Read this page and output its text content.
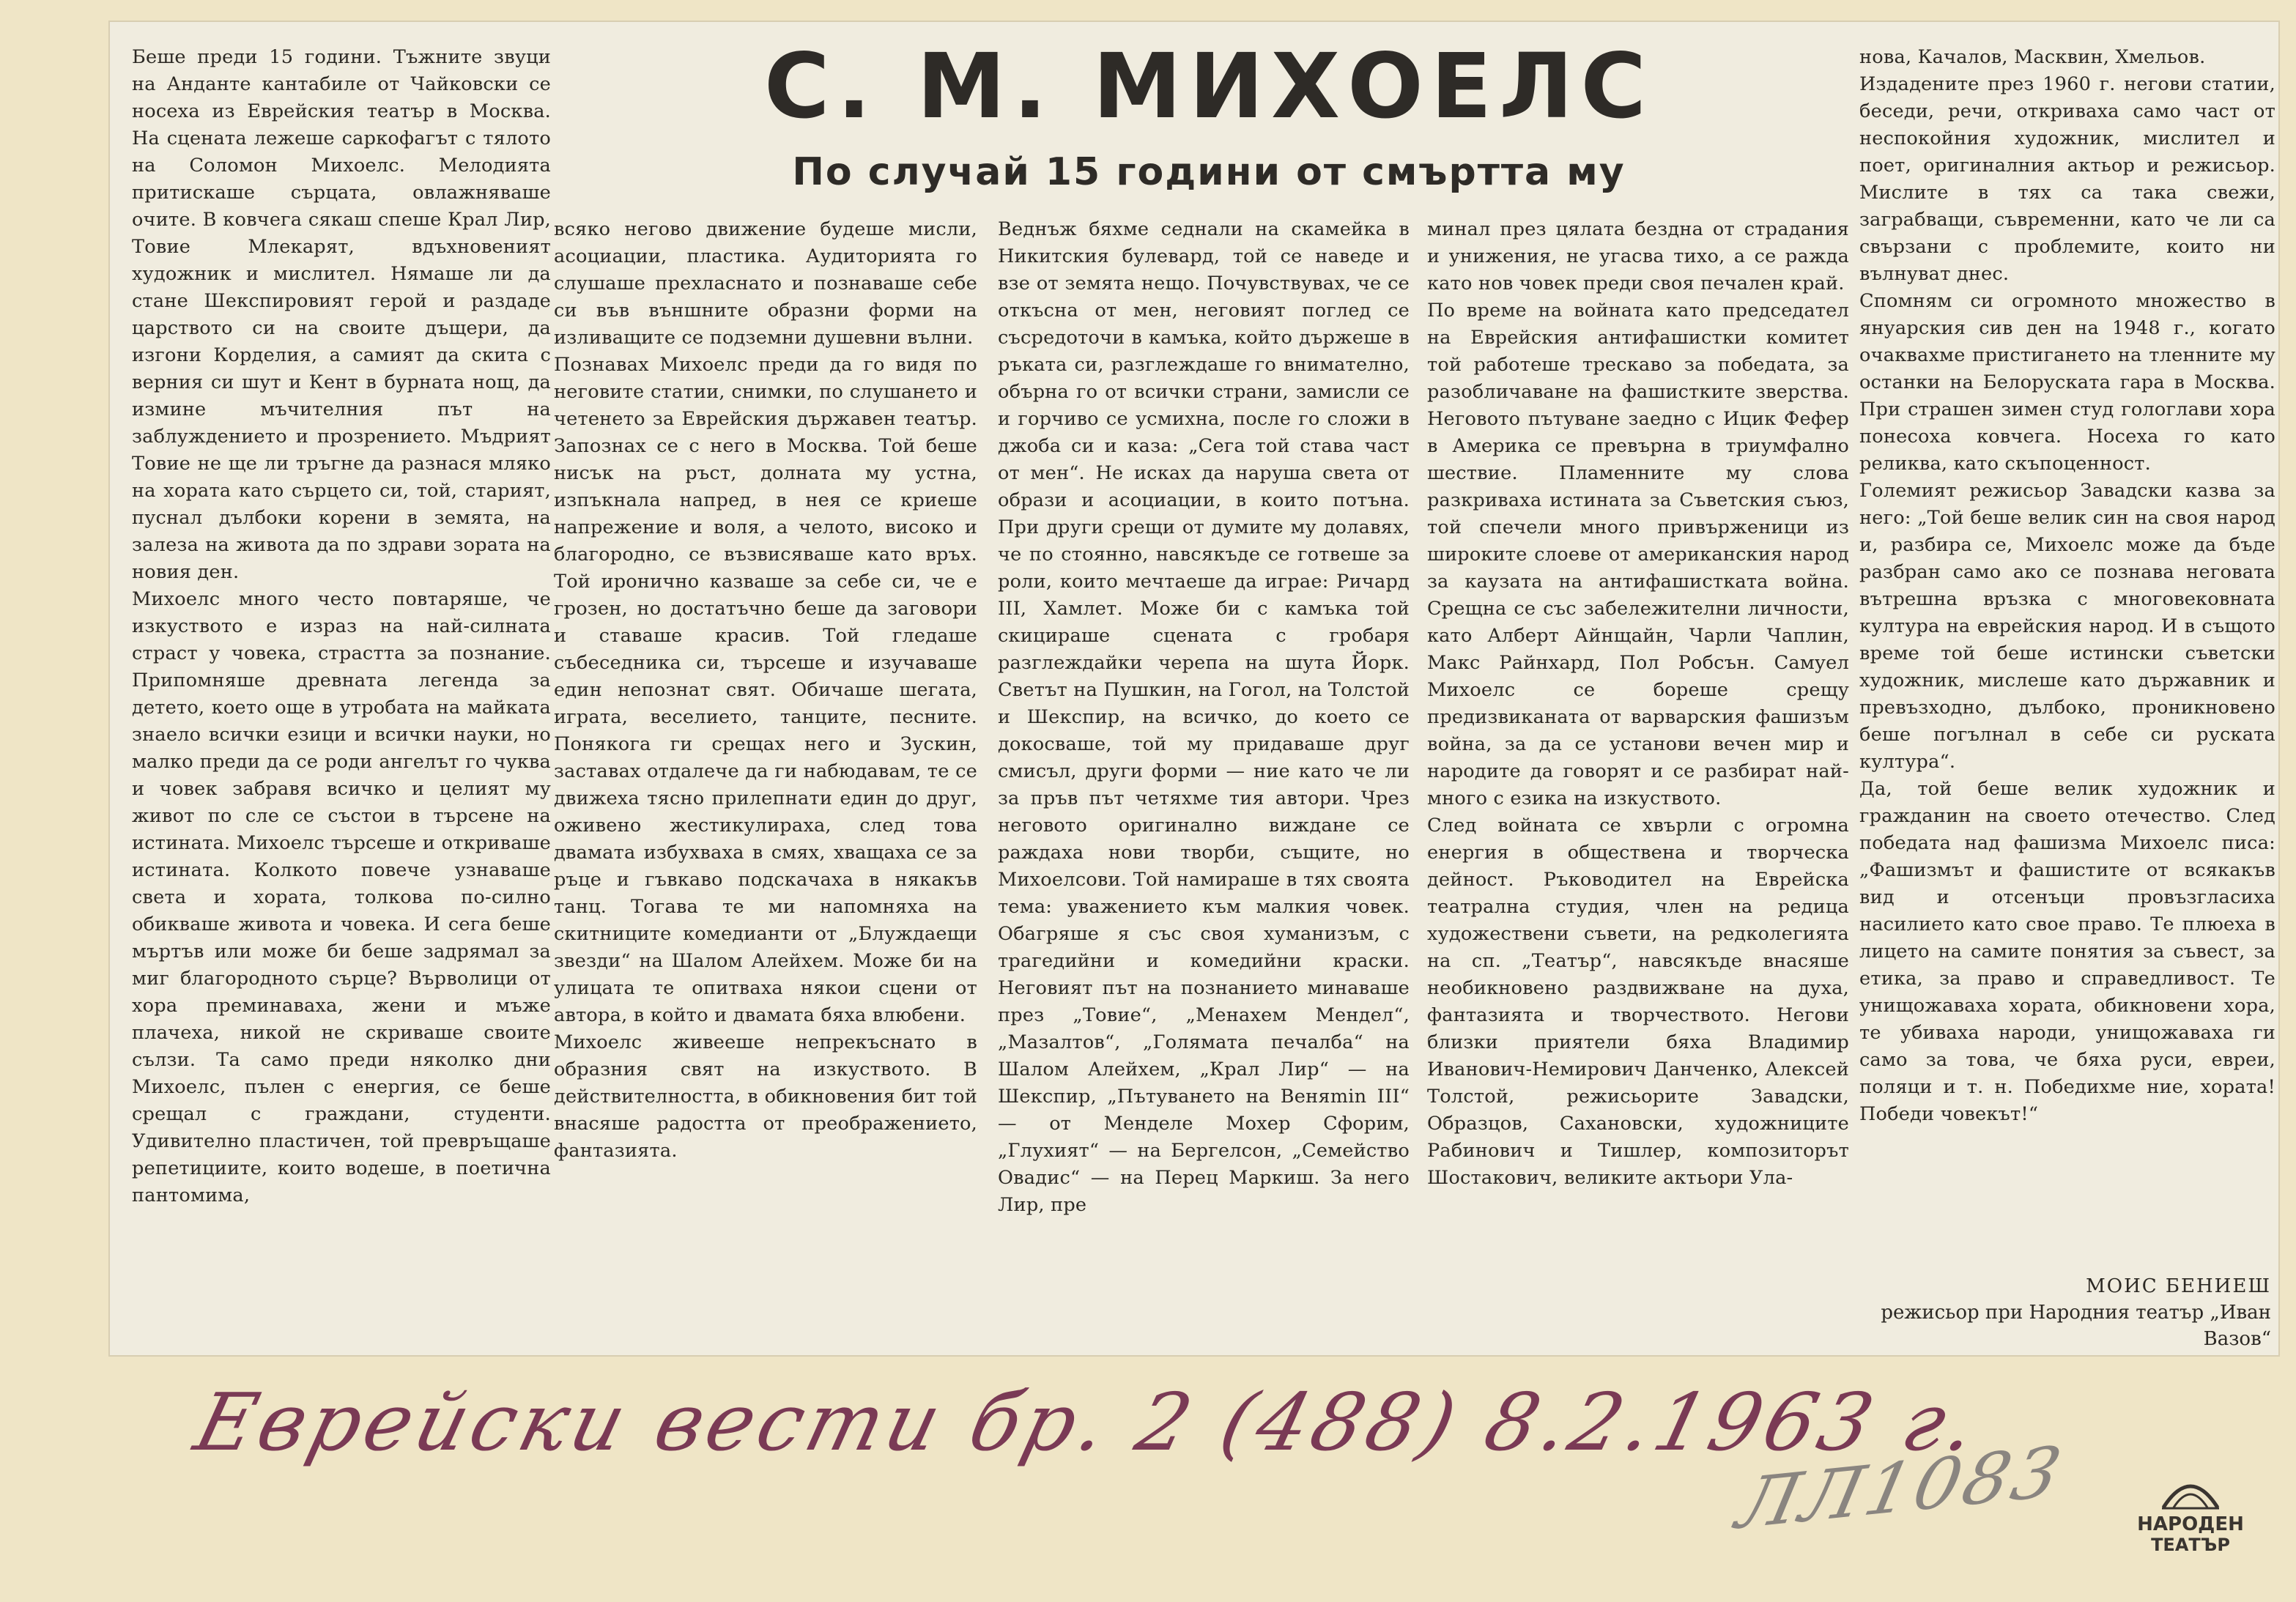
С. М. МИХОЕЛС
По случай 15 години от смъртта му
Беше преди 15 години. Тъжните звуци на Анданте кантабиле от Чайковски се носеха из Еврейския театър в Москва. На сцената лежеше саркофагът с тялото на Соломон Михоелс. Мелодията притискаше сърцата, овлажняваше очите. В ковчега сякаш спеше Крал Лир, Товие Млекарят, вдъхновеният художник и мислител. Нямаше ли да стане Шекспировият герой и раздаде царството си на своите дъщери, да изгони Корделия, а самият да скита с верния си шут и Кент в бурната нощ, да измине мъчителния път на заблуждението и прозрението. Мъдрият Товие не ще ли тръгне да разнася мляко на хората като сърцето си, той, старият, пуснал дълбоки корени в земята, на залеза на живота да по здрави зората на новия ден.
Михоелс много често повтаряше, че изкуството е израз на най-силната страст у човека, страстта за познание. Припомняше древната легенда за детето, което още в утробата на майката знаело всички езици и всички науки, но малко преди да се роди ангелът го чуква и човек забравя всичко и целият му живот по сле се състои в търсене на истината. Михоелс търсеше и откриваше истината. Колкото повече узнаваше света и хората, толкова по-силно обикваше живота и човека. И сега беше мъртъв или може би беше задрямал за миг благородното сърце? Върволици от хора преминаваха, жени и мъже плачеха, никой не скриваше своите сълзи. Та само преди няколко дни Михоелс, пълен с енергия, се беше срещал с граждани, студенти. Удивително пластичен, той превръщаше репетициите, които водеше, в поетична пантомима,
всяко негово движение будеше мисли, асоциации, пластика. Аудиторията го слушаше прехласнато и познаваше себе си във външните образни форми на изливащите се подземни душевни вълни.
Познавах Михоелс преди да го видя по неговите статии, снимки, по слушането и четенето за Еврейския държавен театър. Запознах се с него в Москва. Той беше нисък на ръст, долната му устна, изпъкнала напред, в нея се криеше напрежение и воля, а челото, високо и благородно, се възвисяваше като връх. Той иронично казваше за себе си, че е грозен, но достатъчно беше да заговори и ставаше красив. Той гледаше събеседника си, търсеше и изучаваше един непознат свят. Обичаше шегата, играта, веселието, танците, песните. Понякога ги срещах него и Зускин, заставах отдалече да ги набюдавам, те се движеха тясно прилепнати един до друг, оживено жестикулираха, след това двамата избухваха в смях, хващаха се за ръце и гъвкаво подскачаха в някакъв танц. Тогава те ми напомняха на скитниците комедианти от „Блуждаещи звезди“ на Шалом Алейхем. Може би на улицата те опитваха някои сцени от автора, в който и двамата бяха влюбени.
Михоелс живееше непрекъснато в образния свят на изкуството. В действителността, в обикновения бит той внасяше радостта от преображението, фантазията.
Веднъж бяхме седнали на скамейка в Никитския булевард, той се наведе и взе от земята нещо. Почувствувах, че се откъсна от мен, неговият поглед се съсредоточи в камъка, който държеше в ръката си, разглеждаше го внимателно, обърна го от всички страни, замисли се и горчиво се усмихна, после го сложи в джоба си и каза: „Сега той става част от мен“. Не исках да наруша света от образи и асоциации, в които потъна. При други срещи от думите му долавях, че по стоянно, навсякъде се готвеше за роли, които мечтаеше да играе: Ричард III, Хамлет. Може би с камъка той скицираше сцената с гробаря разглеждайки черепа на шута Йорк. Светът на Пушкин, на Гогол, на Толстой и Шекспир, на всичко, до което се докосваше, той му придаваше друг смисъл, други форми — ние като че ли за пръв път четяхме тия автори. Чрез неговото оригинално виждане се раждаха нови творби, същите, но Михоелсови. Той намираше в тях своята тема: уважението към малкия човек. Обагряше я със своя хуманизъм, с трагедийни и комедийни краски. Неговият път на познанието минаваше през „Товие“, „Менахем Мендел“, „Мазалтов“, „Голямата печалба“ на Шалом Алейхем, „Крал Лир“ — на Шекспир, „Пътуването на Веняmin III“ — от Менделе Мохер Сфорим, „Глухият“ — на Бергелсон, „Семейство Овадис“ — на Перец Маркиш. За него Лир, пре
минал през цялата бездна от страдания и унижения, не угасва тихо, а се ражда като нов човек преди своя печален край.
По време на войната като председател на Еврейския антифашистки комитет той работеше трескаво за победата, за разобличаване на фашистките зверства. Неговото пътуване заедно с Ицик Фефер в Америка се превърна в триумфално шествие. Пламенните му слова разкриваха истината за Съветския съюз, той спечели много привърженици из широките слоеве от американския народ за каузата на антифашистката война. Срещна се със забележителни личности, като Алберт Айнщайн, Чарли Чаплин, Макс Райнхард, Пол Робсън. Самуел Михоелс се бореше срещу предизвиканата от варварския фашизъм война, за да се установи вечен мир и народите да говорят и се разбират най-много с езика на изкуството.
След войната се хвърли с огромна енергия в обществена и творческа дейност. Ръководител на Еврейска театрална студия, член на редица художествени съвети, на редколегията на сп. „Театър“, навсякъде внасяше необикновено раздвижване на духа, фантазията и творчеството. Негови близки приятели бяха Владимир Иванович-Немирович Данченко, Алексей Толстой, режисьорите Завадски, Образцов, Сахановски, художниците Рабинович и Тишлер, композиторът Шостакович, великите актьори Ула-
нова, Качалов, Масквин, Хмельов.
Издадените през 1960 г. негови статии, беседи, речи, откриваха само част от неспокойния художник, мислител и поет, оригиналния актьор и режисьор. Мислите в тях са така свежи, заграбващи, съвременни, като че ли са свързани с проблемите, които ни вълнуват днес.
Спомням си огромното множество в януарския сив ден на 1948 г., когато очаквахме пристигането на тленните му останки на Белоруската гара в Москва. При страшен зимен студ гологлави хора понесоха ковчега. Носеха го като реликва, като скъпоценност.
Големият режисьор Завадски казва за него: „Той беше велик син на своя народ и, разбира се, Михоелс може да бъде разбран само ако се познава неговата вътрешна връзка с многовековната култура на еврейския народ. И в същото време той беше истински съветски художник, мислеше като държавник и превъзходно, дълбоко, проникновено беше погълнал в себе си руската култура“.
Да, той беше велик художник и гражданин на своето отечество. След победата над фашизма Михоелс писа: „Фашизмът и фашистите от всякакъв вид и отсенъци провъзгласиха насилието като свое право. Те плюеха в лицето на самите понятия за съвест, за етика, за право и справедливост. Те унищожаваха хората, обикновени хора, те убиваха народи, унищожаваха ги само за това, че бяха руси, евреи, поляци и т. н. Победихме ние, хората! Победи човекът!“
МОИС БЕНИЕШ
режисьор при Народния театър „Иван Вазов“
Еврейски вести бр. 2 (488) 8.2.1963 г.
ЛЛ1083	НАРОДЕН
ТЕАТЪР
